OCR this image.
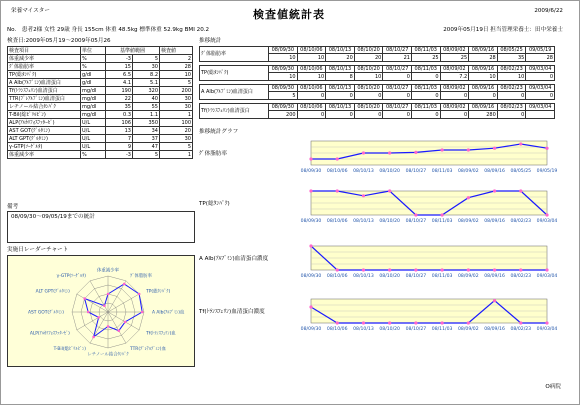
栄養マイスター	検査値統計表	2009/6/22
No.　患者2様 女性 29歳 身長 155cm 体重 48.5kg 標準体重 52.9kg BMI 20.2	2009年05月19日 担当管理栄養士：田中栄養士
検査日:2009年05月19～2009年05月26
検査項目	単位	基準値範囲		検査値
体重減少率	%	-3	5	2
ｸﾞ体脂肪率	%	15	30	28
TP(総ﾀﾝﾊﾟｸ)	g/dl	6.5	8.2	10
A Alb(ｱﾙﾌﾞﾐﾝ)血清蛋白	g/dl	4.1	5.1	5
Tf(ﾄﾗﾝｽﾌｪﾘﾝ)血清蛋白	mg/dl	190	320	200
TTR(ﾌﾟﾚｱﾙﾌﾞﾐﾝ)血清蛋白	mg/dl	22	40	30
レチノール結合ﾀﾝﾊﾟｸ	mg/dl	35	55	30
T-Bil(総ﾋﾞﾘﾙﾋﾞﾝ)	mg/dl	0.3	1.1	1
ALP(ｱﾙｶﾘﾌｫｽﾌｧﾀｰｾﾞ)	U/L	106	350	100
AST GOT(ｸﾞﾙﾀﾐﾝ)	U/L	13	34	20
ALT GPT(ｸﾞﾙﾀﾐﾝ)	U/L	7	37	30
γ-GTP(ｿｰｹﾞﾙﾀ)	U/L	9	47	5
体重減少率	%	-3	5	1
推移統計
ｸﾞ体脂肪率	08/09/30	08/10/06	08/10/13	08/10/20	08/10/27	08/11/03	08/09/02	08/09/16	08/05/25	09/05/19
	10	10	20	20	21	25	25	28	35	28

TP(総ﾀﾝﾊﾟｸ)	08/09/30	08/10/06	08/10/13	08/10/20	08/10/27	08/11/03	08/09/02	08/09/16	08/02/23	09/03/04
	10	10	8	10	0	0	7.2	10	10	0

A Alb(ｱﾙﾌﾞﾐﾝ)血清蛋白	08/09/30	08/10/06	08/10/13	08/10/20	08/10/27	08/11/03	08/09/02	08/09/16	08/02/23	09/03/04
	5	0	0	0	0	0	0	0	0	0

Tf(ﾄﾗﾝｽﾌｪﾘﾝ)血清蛋白	08/09/30	08/10/06	08/10/13	08/10/20	08/10/27	08/11/03	08/09/02	08/09/16	08/02/23	09/03/04
	200	0	0	0	0	0	0	280	0	
備考
08/09/30～09/05/19までの統計
実施日レーダーチャート
体重減少率
ｸﾞ体脂肪率
TP(総ﾀﾝﾊﾟｸ)
A Alb(ｱﾙﾌﾞﾐﾝ)血
Tf(ﾄﾗﾝｽﾌｪﾘﾝ)血
TTR(ﾌﾟﾚｱﾙﾌﾞﾐﾝ)血
レチノール結合ﾀﾝﾊﾟｸ
T-Bil(総ﾋﾞﾘﾙﾋﾞﾝ)
ALP(ｱﾙｶﾘﾌｫｽﾌｧﾀｰｾﾞ)
AST GOT(ｸﾞﾙﾀﾐﾝ)
ALT GPT(ｸﾞﾙﾀﾐﾝ)
γ-GTP(ｿｰｹﾞﾙﾀ)
推移統計グラフ
ｸﾞ体脂肪率
08/09/30 08/10/06 08/10/13 08/10/20 08/10/27 08/11/03 08/09/02 08/09/16 08/05/25 09/05/19
TP(総ﾀﾝﾊﾟｸ)
08/09/30 08/10/06 08/10/13 08/10/20 08/10/27 08/11/03 08/09/02 08/09/16 08/02/23 09/03/04
A Alb(ｱﾙﾌﾞﾐﾝ)血清蛋白濃度
08/09/30 08/10/06 08/10/13 08/10/20 08/10/27 08/11/03 08/09/02 08/09/16 08/02/23 09/03/04
Tf(ﾄﾗﾝｽﾌｪﾘﾝ)血清蛋白濃度
08/09/30 08/10/06 08/10/13 08/10/20 08/10/27 08/11/03 08/09/02 08/09/16 08/02/23 09/03/04
O病院
